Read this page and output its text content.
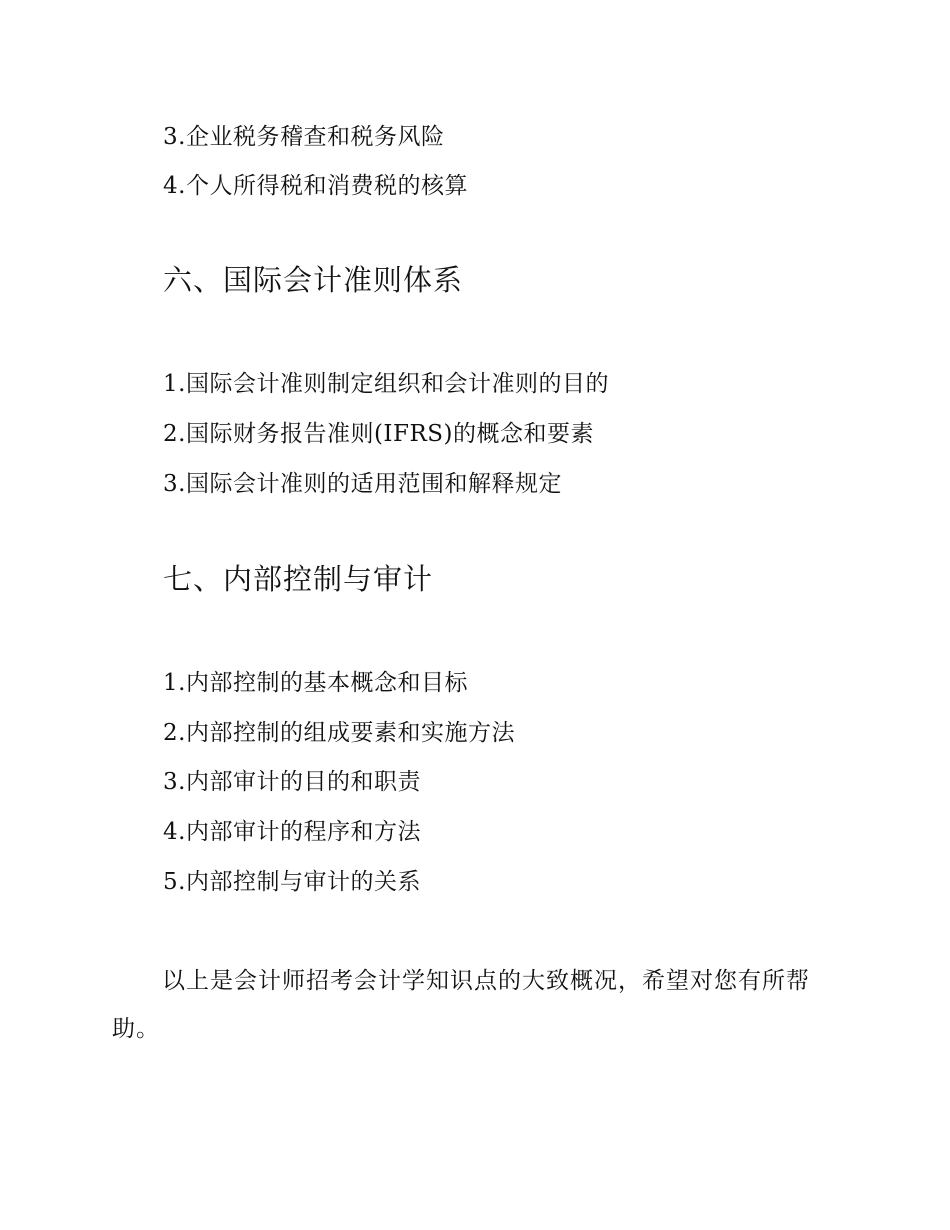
3.企业税务稽查和税务风险
4.个人所得税和消费税的核算
六、国际会计准则体系
1.国际会计准则制定组织和会计准则的目的
2.国际财务报告准则(IFRS)的概念和要素
3.国际会计准则的适用范围和解释规定
七、内部控制与审计
1.内部控制的基本概念和目标
2.内部控制的组成要素和实施方法
3.内部审计的目的和职责
4.内部审计的程序和方法
5.内部控制与审计的关系
以上是会计师招考会计学知识点的大致概况，希望对您有所帮助。
